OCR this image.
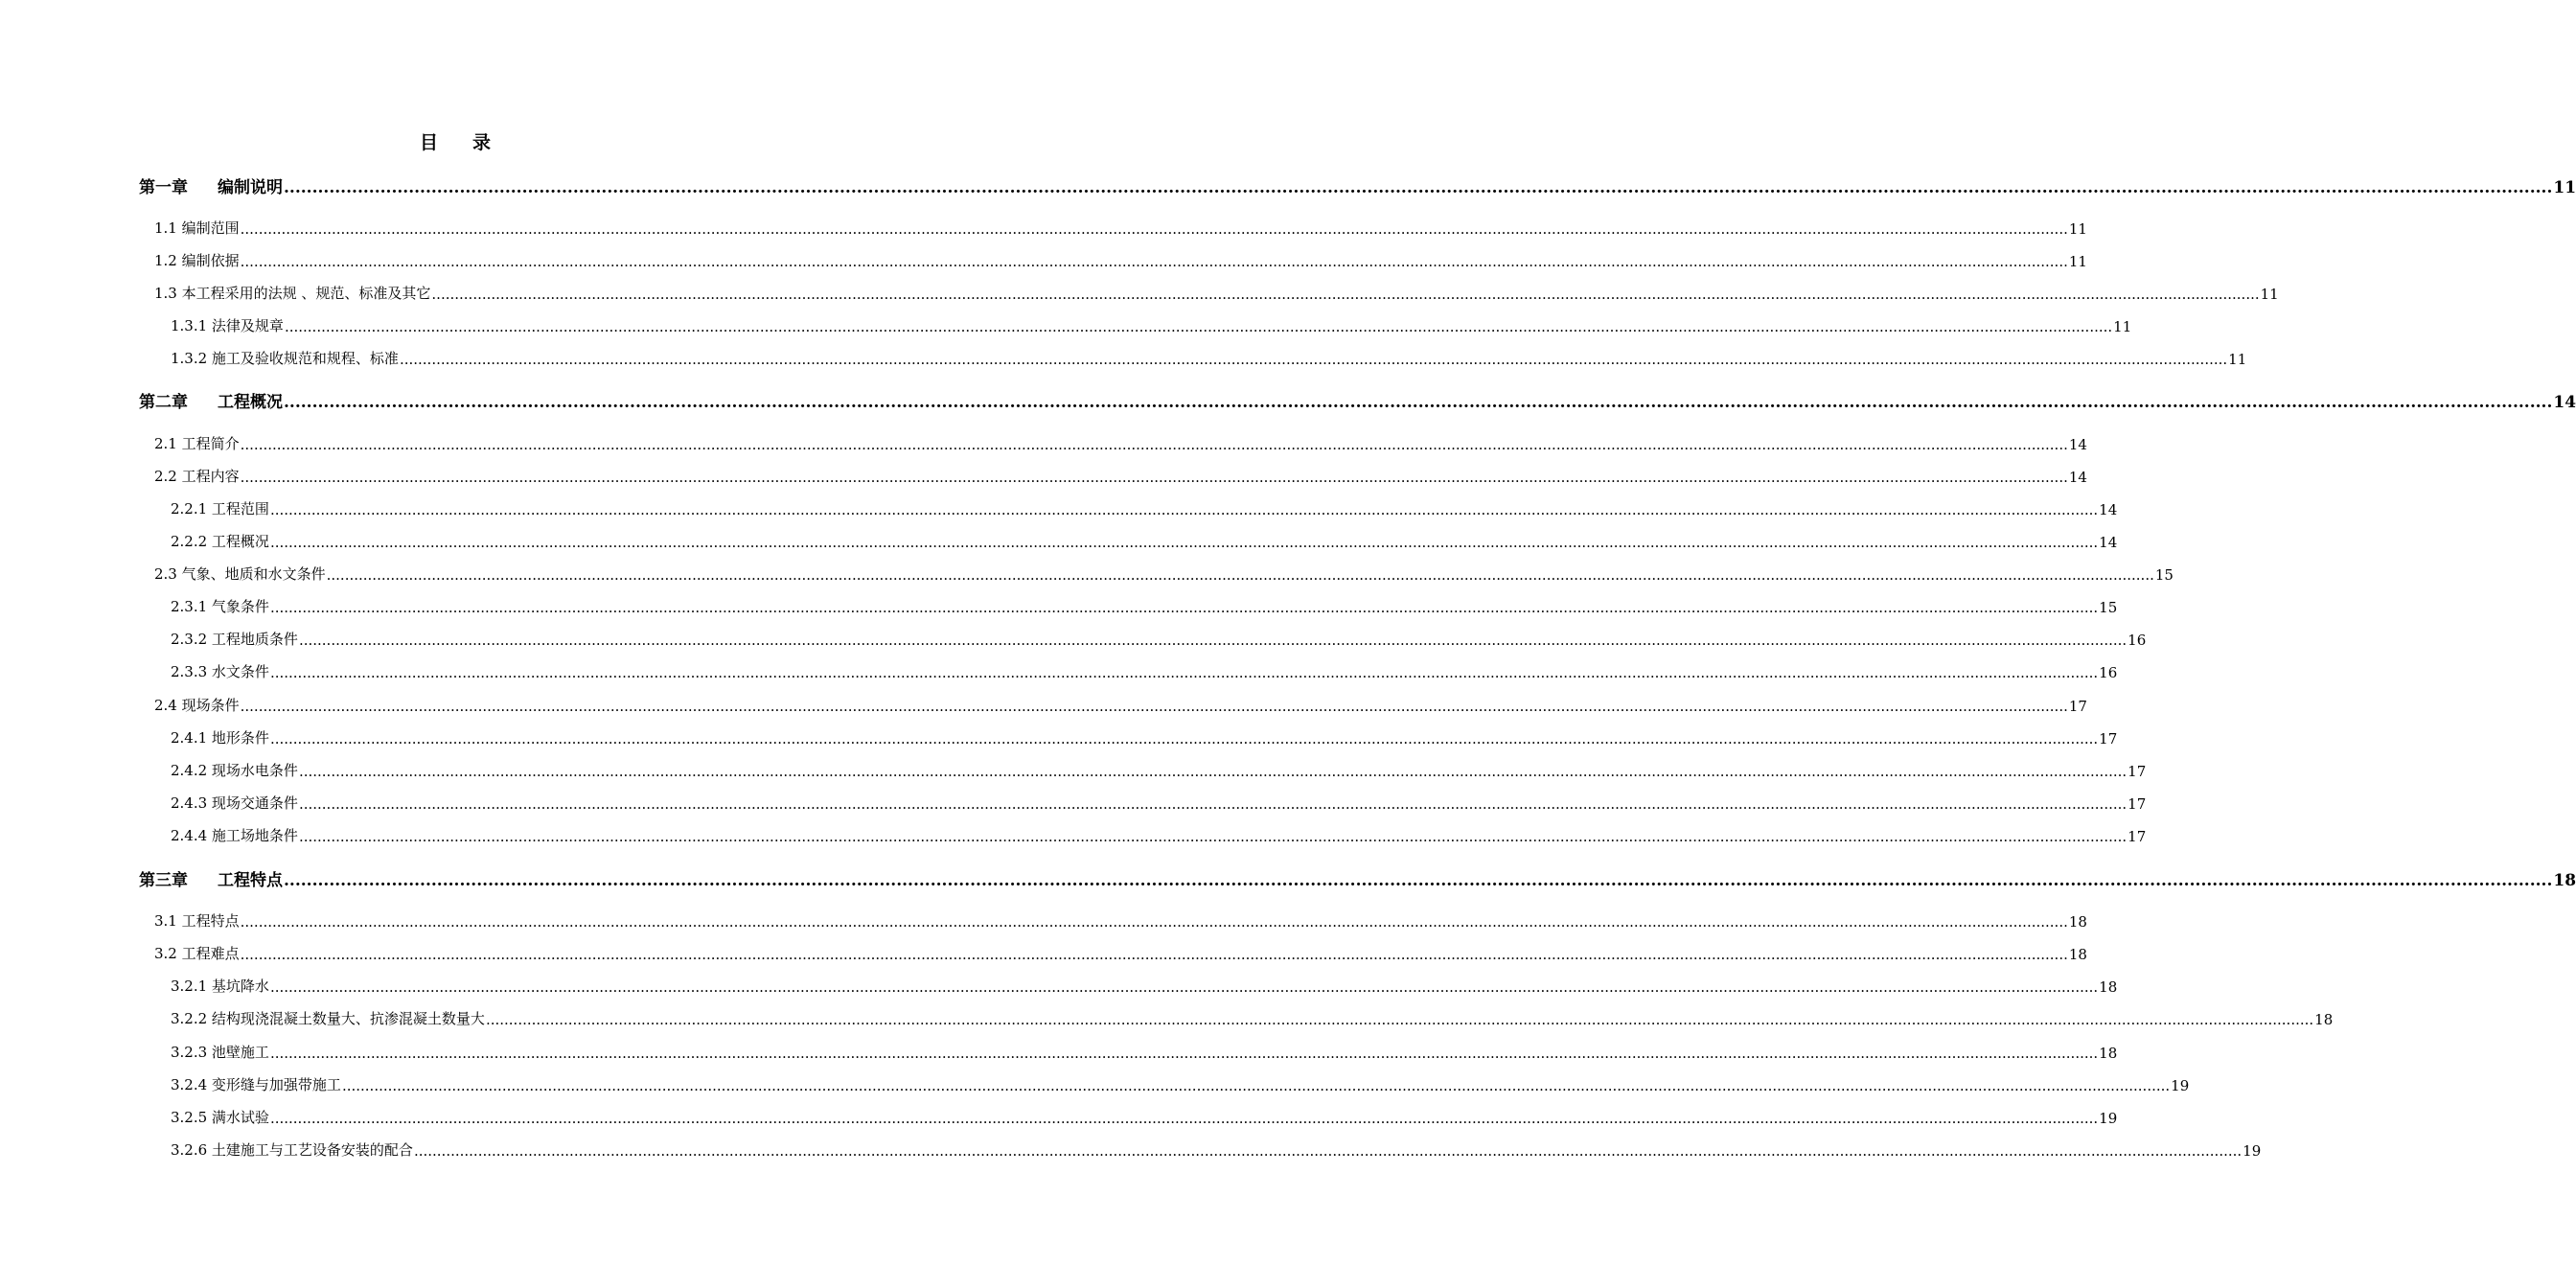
目 录
第一章 编制说明 ................................................................................................................................................................................................................................................................................................................................................................................................................ 11
1.1 编制范围 ................................................................................................................................................................................................................................................................................................................................................................................................................ 11
1.2 编制依据 ................................................................................................................................................................................................................................................................................................................................................................................................................ 11
1.3 本工程采用的法规 、规范、标准及其它 ................................................................................................................................................................................................................................................................................................................................................................................................................ 11
1.3.1 法律及规章 ................................................................................................................................................................................................................................................................................................................................................................................................................ 11
1.3.2 施工及验收规范和规程、标准 ................................................................................................................................................................................................................................................................................................................................................................................................................ 11
第二章 工程概况 ................................................................................................................................................................................................................................................................................................................................................................................................................ 14
2.1 工程简介 ................................................................................................................................................................................................................................................................................................................................................................................................................ 14
2.2 工程内容 ................................................................................................................................................................................................................................................................................................................................................................................................................ 14
2.2.1 工程范围 ................................................................................................................................................................................................................................................................................................................................................................................................................ 14
2.2.2 工程概况 ................................................................................................................................................................................................................................................................................................................................................................................................................ 14
2.3 气象、地质和水文条件 ................................................................................................................................................................................................................................................................................................................................................................................................................ 15
2.3.1 气象条件 ................................................................................................................................................................................................................................................................................................................................................................................................................ 15
2.3.2 工程地质条件 ................................................................................................................................................................................................................................................................................................................................................................................................................ 16
2.3.3 水文条件 ................................................................................................................................................................................................................................................................................................................................................................................................................ 16
2.4 现场条件 ................................................................................................................................................................................................................................................................................................................................................................................................................ 17
2.4.1 地形条件 ................................................................................................................................................................................................................................................................................................................................................................................................................ 17
2.4.2 现场水电条件 ................................................................................................................................................................................................................................................................................................................................................................................................................ 17
2.4.3 现场交通条件 ................................................................................................................................................................................................................................................................................................................................................................................................................ 17
2.4.4 施工场地条件 ................................................................................................................................................................................................................................................................................................................................................................................................................ 17
第三章 工程特点 ................................................................................................................................................................................................................................................................................................................................................................................................................ 18
3.1 工程特点 ................................................................................................................................................................................................................................................................................................................................................................................................................ 18
3.2 工程难点 ................................................................................................................................................................................................................................................................................................................................................................................................................ 18
3.2.1 基坑降水 ................................................................................................................................................................................................................................................................................................................................................................................................................ 18
3.2.2 结构现浇混凝土数量大、抗渗混凝土数量大 ................................................................................................................................................................................................................................................................................................................................................................................................................ 18
3.2.3 池壁施工 ................................................................................................................................................................................................................................................................................................................................................................................................................ 18
3.2.4 变形缝与加强带施工 ................................................................................................................................................................................................................................................................................................................................................................................................................ 19
3.2.5 满水试验 ................................................................................................................................................................................................................................................................................................................................................................................................................ 19
3.2.6 土建施工与工艺设备安装的配合 ................................................................................................................................................................................................................................................................................................................................................................................................................ 19
